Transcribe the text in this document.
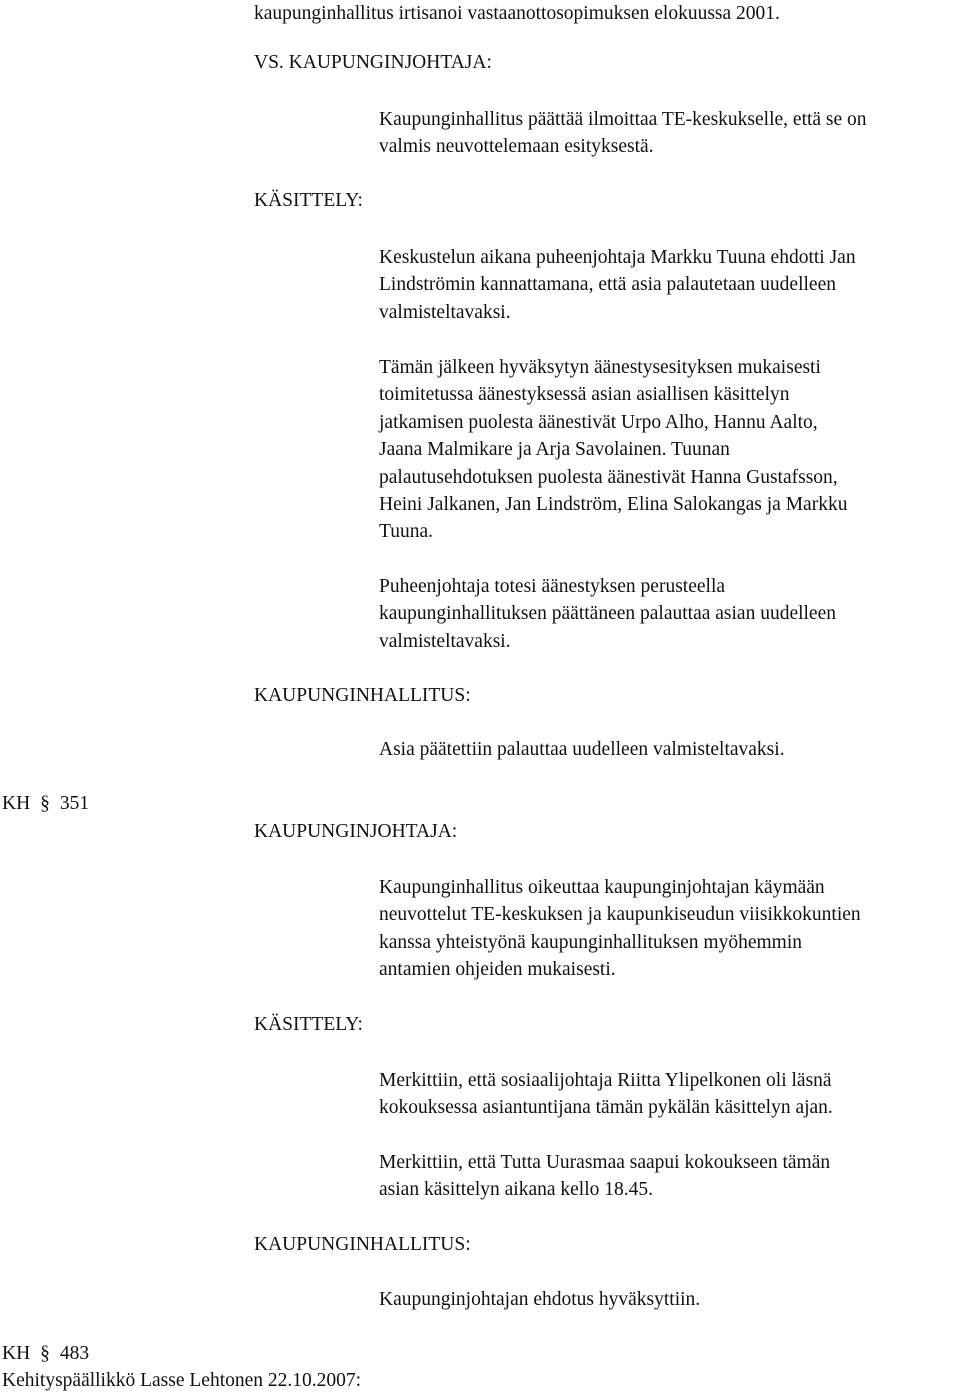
kaupunginhallitus irtisanoi vastaanottosopimuksen elokuussa 2001.
VS. KAUPUNGINJOHTAJA:
Kaupunginhallitus päättää ilmoittaa TE-keskukselle, että se on
valmis neuvottelemaan esityksestä.
KÄSITTELY:
Keskustelun aikana puheenjohtaja Markku Tuuna ehdotti Jan
Lindströmin kannattamana, että asia palautetaan uudelleen
valmisteltavaksi.
Tämän jälkeen hyväksytyn äänestysesityksen mukaisesti
toimitetussa äänestyksessä asian asiallisen käsittelyn
jatkamisen puolesta äänestivät Urpo Alho, Hannu Aalto,
Jaana Malmikare ja Arja Savolainen. Tuunan
palautusehdotuksen puolesta äänestivät Hanna Gustafsson,
Heini Jalkanen, Jan Lindström, Elina Salokangas ja Markku
Tuuna.
Puheenjohtaja totesi äänestyksen perusteella
kaupunginhallituksen päättäneen palauttaa asian uudelleen
valmisteltavaksi.
KAUPUNGINHALLITUS:
Asia päätettiin palauttaa uudelleen valmisteltavaksi.
KH § 351
KAUPUNGINJOHTAJA:
Kaupunginhallitus oikeuttaa kaupunginjohtajan käymään
neuvottelut TE-keskuksen ja kaupunkiseudun viisikkokuntien
kanssa yhteistyönä kaupunginhallituksen myöhemmin
antamien ohjeiden mukaisesti.
KÄSITTELY:
Merkittiin, että sosiaalijohtaja Riitta Ylipelkonen oli läsnä
kokouksessa asiantuntijana tämän pykälän käsittelyn ajan.
Merkittiin, että Tutta Uurasmaa saapui kokoukseen tämän
asian käsittelyn aikana kello 18.45.
KAUPUNGINHALLITUS:
Kaupunginjohtajan ehdotus hyväksyttiin.
KH § 483
Kehityspäällikkö Lasse Lehtonen 22.10.2007:
